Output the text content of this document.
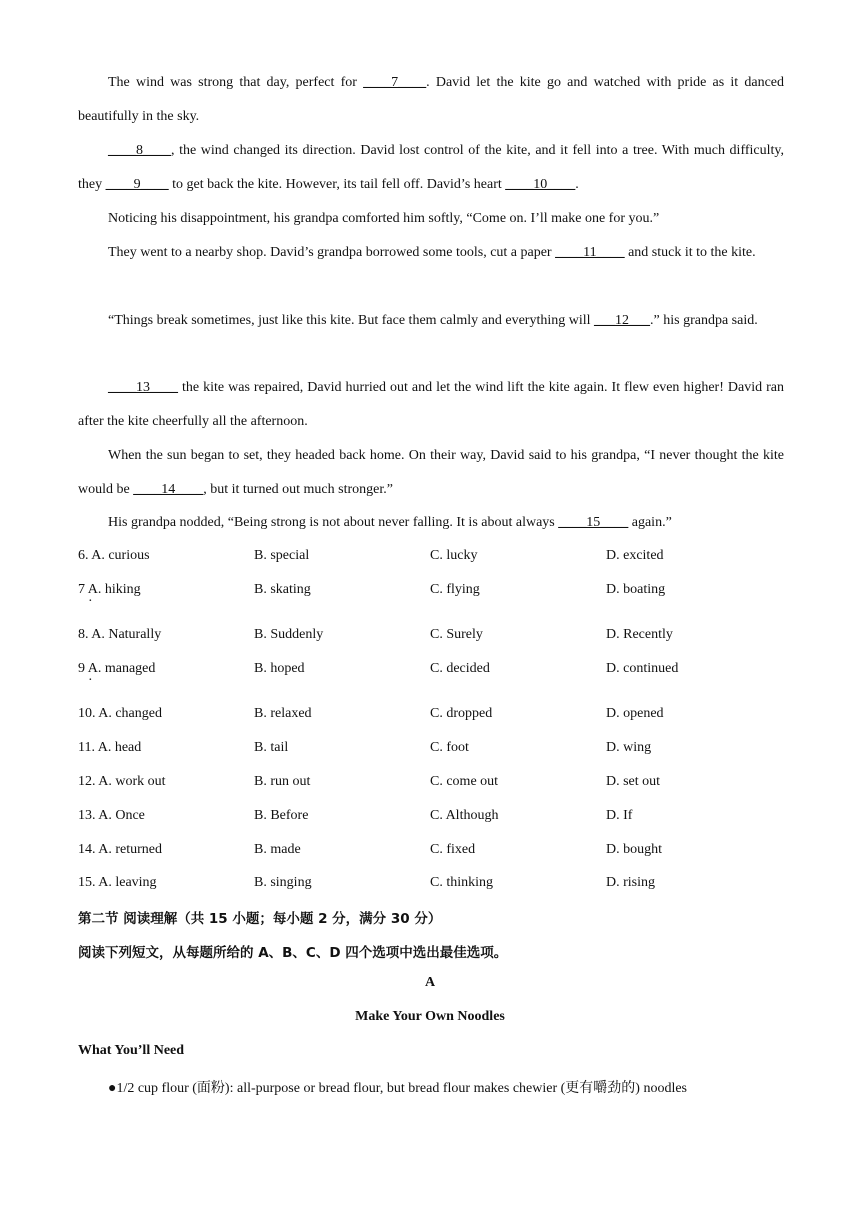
The wind was strong that day, perfect for ____7____. David let the kite go and watched with pride as it danced beautifully in the sky.

____8____, the wind changed its direction. David lost control of the kite, and it fell into a tree. With much difficulty, they ____9____ to get back the kite. However, its tail fell off. David’s heart ____10____.

Noticing his disappointment, his grandpa comforted him softly, “Come on. I’ll make one for you.”

They went to a nearby shop. David’s grandpa borrowed some tools, cut a paper ____11____ and stuck it to the kite.

“Things break sometimes, just like this kite. But face them calmly and everything will ___12___.” his grandpa said.

____13____ the kite was repaired, David hurried out and let the wind lift the kite again. It flew even higher! David ran after the kite cheerfully all the afternoon.

When the sun began to set, they headed back home. On their way, David said to his grandpa, “I never thought the kite would be ____14____, but it turned out much stronger.”

His grandpa nodded, “Being strong is not about never falling. It is about always ____15____ again.”

6. A. curious	B. special	C. lucky	D. excited
7 A. hiking	B. skating	C. flying	D. boating
·
8. A. Naturally	B. Suddenly	C. Surely	D. Recently
9 A. managed	B. hoped	C. decided	D. continued
·
10. A. changed	B. relaxed	C. dropped	D. opened
11. A. head	B. tail	C. foot	D. wing
12. A. work out	B. run out	C. come out	D. set out
13. A. Once	B. Before	C. Although	D. If
14. A. returned	B. made	C. fixed	D. bought
15. A. leaving	B. singing	C. thinking	D. rising
第二节 阅读理解（共 15 小题；每小题 2 分，满分 30 分）
阅读下列短文，从每题所给的 A、B、C、D 四个选项中选出最佳选项。
A
Make Your Own Noodles
What You’ll Need
●1/2 cup flour (面粉): all-purpose or bread flour, but bread flour makes chewier (更有嚼劲的) noodles
